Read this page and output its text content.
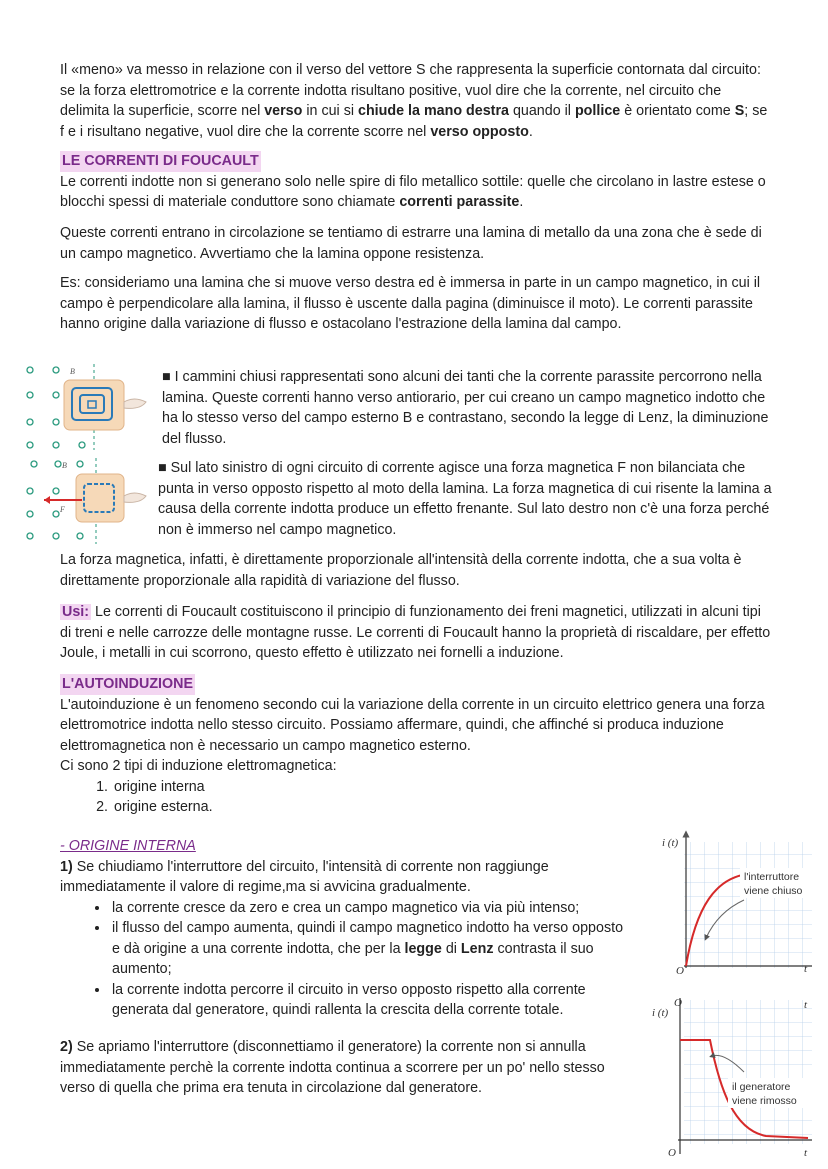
Il «meno» va messo in relazione con il verso del vettore S che rappresenta la superficie contornata dal circuito: se la forza elettromotrice e la corrente indotta risultano positive, vuol dire che la corrente, nel circuito che delimita la superficie, scorre nel verso in cui si chiude la mano destra quando il pollice è orientato come S; se f e i risultano negative, vuol dire che la corrente scorre nel verso opposto.

LE CORRENTI DI FOUCAULT

Le correnti indotte non si generano solo nelle spire di filo metallico sottile: quelle che circolano in lastre estese o blocchi spessi di materiale conduttore sono chiamate correnti parassite.

Queste correnti entrano in circolazione se tentiamo di estrarre una lamina di metallo da una zona che è sede di un campo magnetico. Avvertiamo che la lamina oppone resistenza.

Es: consideriamo una lamina che si muove verso destra ed è immersa in parte in un campo magnetico, in cui il campo è perpendicolare alla lamina, il flusso è uscente dalla pagina (diminuisce il moto). Le correnti parassite hanno origine dalla variazione di flusso e ostacolano l'estrazione della lamina dal campo.

B	■ I cammini chiusi rappresentati sono alcuni dei tanti che la corrente parassite percorrono nella lamina. Queste correnti hanno verso antiorario, per cui creano un campo magnetico indotto che ha lo stesso verso del campo esterno B e contrastano, secondo la legge di Lenz, la diminuzione del flusso.

B
F

■ Sul lato sinistro di ogni circuito di corrente agisce una forza magnetica F non bilanciata che punta in verso opposto rispetto al moto della lamina. La forza magnetica di cui risente la lamina a causa della corrente indotta produce un effetto frenante. Sul lato destro non c'è una forza perché non è immerso nel campo magnetico.

La forza magnetica, infatti, è direttamente proporzionale all'intensità della corrente indotta, che a sua volta è direttamente proporzionale alla rapidità di variazione del flusso.

Usi: Le correnti di Foucault costituiscono il principio di funzionamento dei freni magnetici, utilizzati in alcuni tipi di treni e nelle carrozze delle montagne russe. Le correnti di Foucault hanno la proprietà di riscaldare, per effetto Joule, i metalli in cui scorrono, questo effetto è utilizzato nei fornelli a induzione.

L'AUTOINDUZIONE

L'autoinduzione è un fenomeno secondo cui la variazione della corrente in un circuito elettrico genera una forza elettromotrice indotta nello stesso circuito. Possiamo affermare, quindi, che affinché si produca induzione elettromagnetica non è necessario un campo magnetico esterno.

Ci sono 2 tipi di induzione elettromagnetica:

1. origine interna
2. origine esterna.

- ORIGINE INTERNA

1) Se chiudiamo l'interruttore del circuito, l'intensità di corrente non raggiunge immediatamente il valore di regime,ma si avvicina gradualmente.

• la corrente cresce da zero e crea un campo magnetico via via più intenso;
• il flusso del campo aumenta, quindi il campo magnetico indotto ha verso opposto e dà origine a una corrente indotta, che per la legge di Lenz contrasta il suo aumento;
• la corrente indotta percorre il circuito in verso opposto rispetto alla corrente generata dal generatore, quindi rallenta la crescita della corrente totale.

2) Se apriamo l'interruttore (disconnettiamo il generatore) la corrente non si annulla immediatamente perchè la corrente indotta continua a scorrere per un po' nello stesso verso di quella che prima era tenuta in circolazione dal generatore.

i (t)
t
O
l'interruttore
viene chiuso
i (t)
O	t
O	t
il generatore
viene rimosso
